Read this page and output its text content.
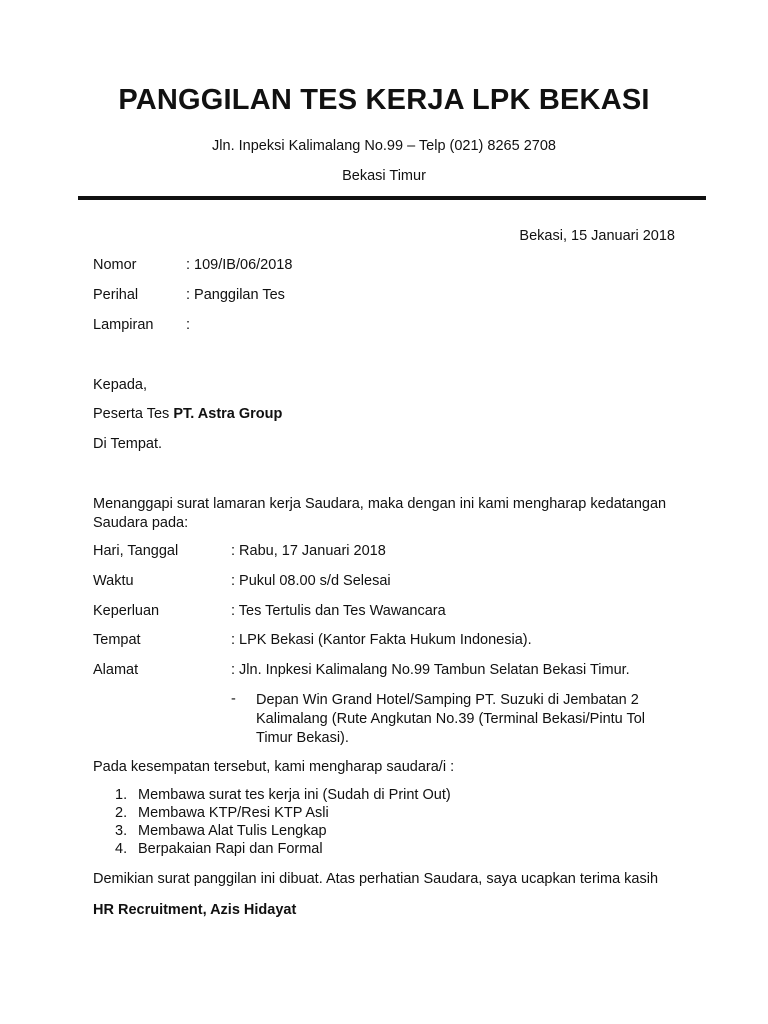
PANGGILAN TES KERJA LPK BEKASI
Jln. Inpeksi Kalimalang No.99 – Telp (021) 8265 2708
Bekasi Timur
Bekasi, 15 Januari 2018
Nomor	: 109/IB/06/2018
Perihal	: Panggilan Tes
Lampiran :
Kepada,
Peserta Tes PT. Astra Group
Di Tempat.
Menanggapi surat lamaran kerja Saudara, maka dengan ini kami mengharap kedatangan Saudara pada:
Hari, Tanggal	: Rabu, 17 Januari 2018
Waktu	: Pukul 08.00 s/d Selesai
Keperluan	: Tes Tertulis dan Tes Wawancara
Tempat	: LPK Bekasi (Kantor Fakta Hukum Indonesia).
Alamat	: Jln. Inpkesi Kalimalang No.99 Tambun Selatan Bekasi Timur.
- Depan Win Grand Hotel/Samping PT. Suzuki di Jembatan 2 Kalimalang (Rute Angkutan No.39 (Terminal Bekasi/Pintu Tol Timur Bekasi).
Pada kesempatan tersebut, kami mengharap saudara/i :
1. Membawa surat tes kerja ini (Sudah di Print Out)
2. Membawa KTP/Resi KTP Asli
3. Membawa Alat Tulis Lengkap
4. Berpakaian Rapi dan Formal
Demikian surat panggilan ini dibuat. Atas perhatian Saudara, saya ucapkan terima kasih
HR Recruitment, Azis Hidayat
